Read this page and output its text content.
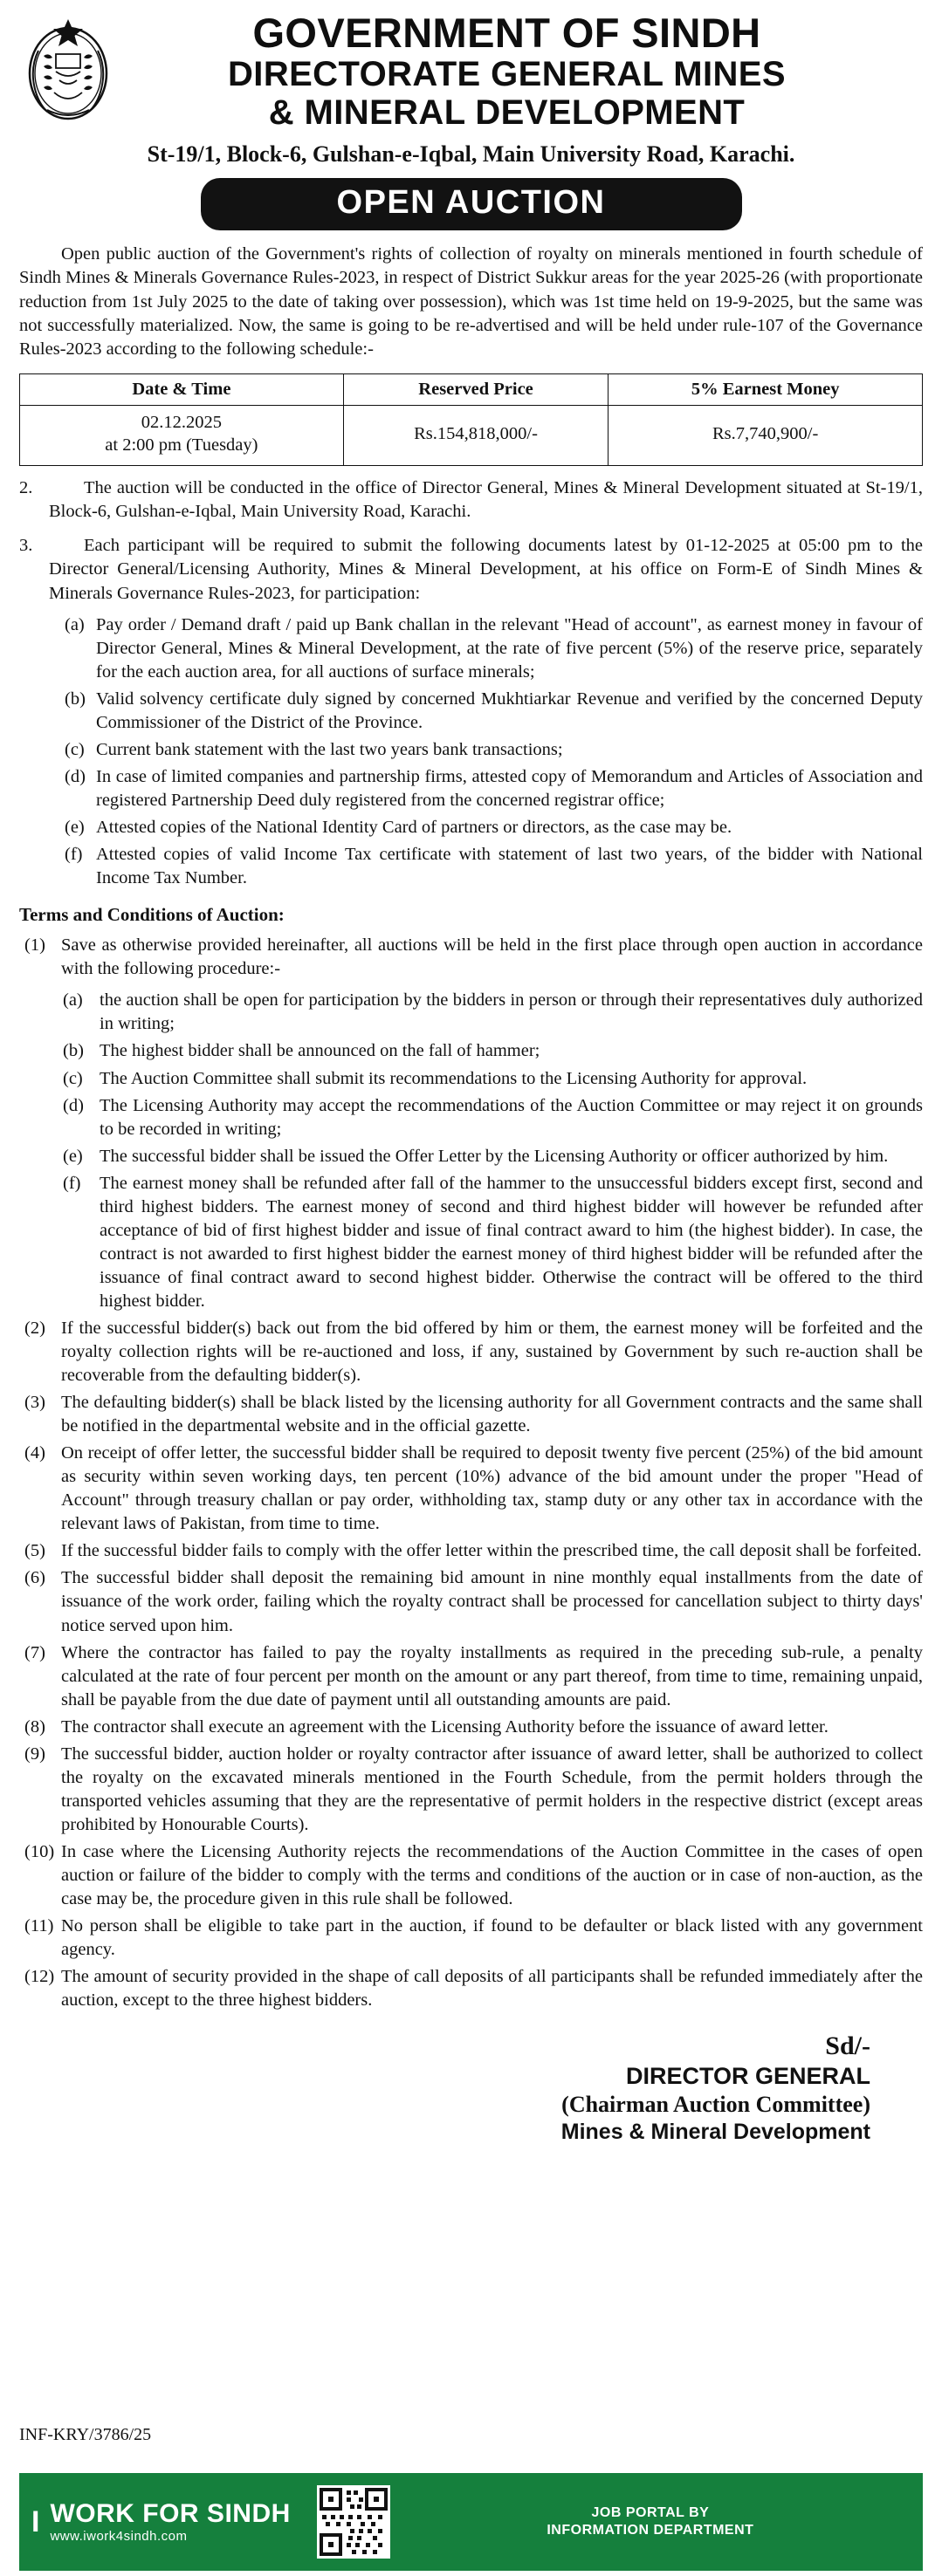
GOVERNMENT OF SINDH
DIRECTORATE GENERAL MINES
& MINERAL DEVELOPMENT
St-19/1, Block-6, Gulshan-e-Iqbal, Main University Road, Karachi.
OPEN AUCTION
Open public auction of the Government's rights of collection of royalty on minerals mentioned in fourth schedule of Sindh Mines & Minerals Governance Rules-2023, in respect of District Sukkur areas for the year 2025-26 (with proportionate reduction from 1st July 2025 to the date of taking over possession), which was 1st time held on 19-9-2025, but the same was not successfully materialized. Now, the same is going to be re-advertised and will be held under rule-107 of the Governance Rules-2023 according to the following schedule:-
Date & Time	Reserved Price	5% Earnest Money

02.12.2025
at 2:00 pm (Tuesday)	Rs.154,818,000/-	Rs.7,740,900/-
2.	The auction will be conducted in the office of Director General, Mines & Mineral Development situated at St-19/1, Block-6, Gulshan-e-Iqbal, Main University Road, Karachi.
3.	Each participant will be required to submit the following documents latest by 01-12-2025 at 05:00 pm to the Director General/Licensing Authority, Mines & Mineral Development, at his office on Form-E of Sindh Mines & Minerals Governance Rules-2023, for participation:
(a) Pay order / Demand draft / paid up Bank challan in the relevant "Head of account", as earnest money in favour of Director General, Mines & Mineral Development, at the rate of five percent (5%) of the reserve price, separately for the each auction area, for all auctions of surface minerals;
(b) Valid solvency certificate duly signed by concerned Mukhtiarkar Revenue and verified by the concerned Deputy Commissioner of the District of the Province.
(c) Current bank statement with the last two years bank transactions;
(d) In case of limited companies and partnership firms, attested copy of Memorandum and Articles of Association and registered Partnership Deed duly registered from the concerned registrar office;
(e) Attested copies of the National Identity Card of partners or directors, as the case may be.
(f) Attested copies of valid Income Tax certificate with statement of last two years, of the bidder with National Income Tax Number.
Terms and Conditions of Auction:
(1) Save as otherwise provided hereinafter, all auctions will be held in the first place through open auction in accordance with the following procedure:-
(a) the auction shall be open for participation by the bidders in person or through their representatives duly authorized in writing;
(b) The highest bidder shall be announced on the fall of hammer;
(c) The Auction Committee shall submit its recommendations to the Licensing Authority for approval.
(d) The Licensing Authority may accept the recommendations of the Auction Committee or may reject it on grounds to be recorded in writing;
(e) The successful bidder shall be issued the Offer Letter by the Licensing Authority or officer authorized by him.
(f)	The earnest money shall be refunded after fall of the hammer to the unsuccessful bidders except first, second and third highest bidders. The earnest money of second and third highest bidder will however be refunded after acceptance of bid of first highest bidder and issue of final contract award to him (the highest bidder). In case, the contract is not awarded to first highest bidder the earnest money of third highest bidder will be refunded after the issuance of final contract award to second highest bidder. Otherwise the contract will be offered to the third highest bidder.
(2) If the successful bidder(s) back out from the bid offered by him or them, the earnest money will be forfeited and the royalty collection rights will be re-auctioned and loss, if any, sustained by Government by such re-auction shall be recoverable from the defaulting bidder(s).
(3) The defaulting bidder(s) shall be black listed by the licensing authority for all Government contracts and the same shall be notified in the departmental website and in the official gazette.
(4) On receipt of offer letter, the successful bidder shall be required to deposit twenty five percent (25%) of the bid amount as security within seven working days, ten percent (10%) advance of the bid amount under the proper "Head of Account" through treasury challan or pay order, withholding tax, stamp duty or any other tax in accordance with the relevant laws of Pakistan, from time to time.
(5) If the successful bidder fails to comply with the offer letter within the prescribed time, the call deposit shall be forfeited.
(6) The successful bidder shall deposit the remaining bid amount in nine monthly equal installments from the date of issuance of the work order, failing which the royalty contract shall be processed for cancellation subject to thirty days' notice served upon him.
(7) Where the contractor has failed to pay the royalty installments as required in the preceding sub-rule, a penalty calculated at the rate of four percent per month on the amount or any part thereof, from time to time, remaining unpaid, shall be payable from the due date of payment until all outstanding amounts are paid.
(8) The contractor shall execute an agreement with the Licensing Authority before the issuance of award letter.
(9) The successful bidder, auction holder or royalty contractor after issuance of award letter, shall be authorized to collect the royalty on the excavated minerals mentioned in the Fourth Schedule, from the permit holders through the transported vehicles assuming that they are the representative of permit holders in the respective district (except areas prohibited by Honourable Courts).
(10) In case where the Licensing Authority rejects the recommendations of the Auction Committee in the cases of open auction or failure of the bidder to comply with the terms and conditions of the auction or in case of non-auction, as the case may be, the procedure given in this rule shall be followed.
(11) No person shall be eligible to take part in the auction, if found to be defaulter or black listed with any government agency.
(12) The amount of security provided in the shape of call deposits of all participants shall be refunded immediately after the auction, except to the three highest bidders.
Sd/-
DIRECTOR GENERAL
(Chairman Auction Committee)
Mines & Mineral Development
INF-KRY/3786/25
I WORK FOR SINDH
www.iwork4sindh.com
JOB PORTAL BY
INFORMATION DEPARTMENT
